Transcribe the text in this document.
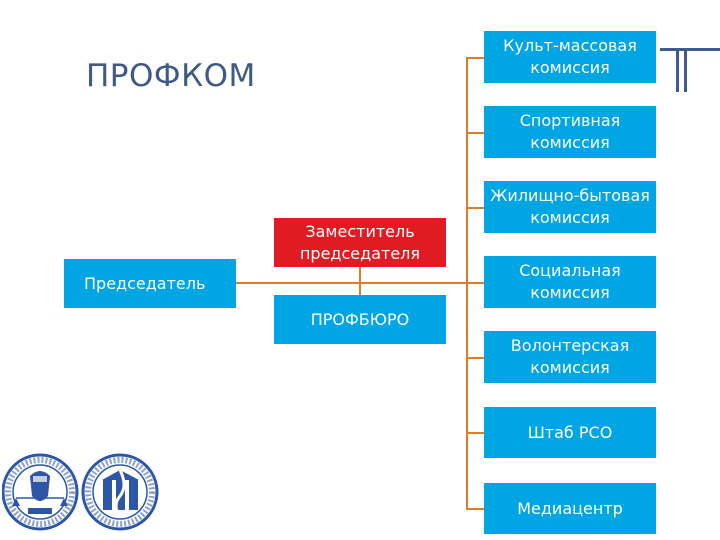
ПРОФКОМ
Заместитель председателя
Председатель
ПРОФБЮРО
Культ-массовая комиссия
Спортивная комиссия
Жилищно-бытовая комиссия
Социальная комиссия
Волонтерская комиссия
Штаб РСО
Медиацентр
